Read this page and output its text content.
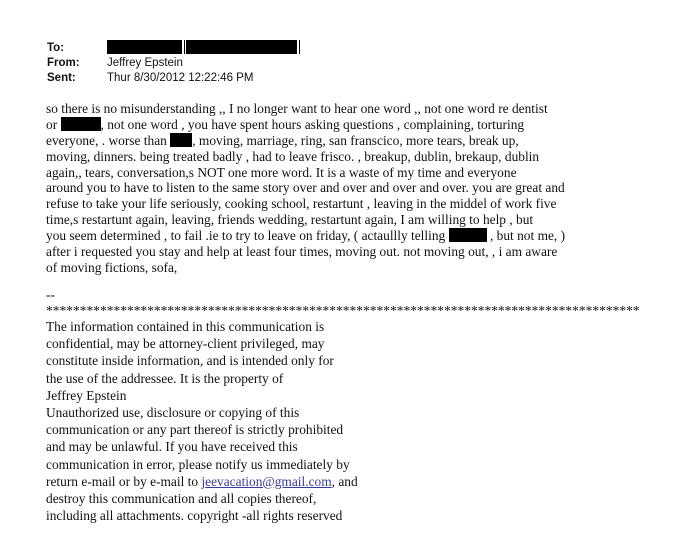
To:
From: Jeffrey Epstein
Sent:	Thur 8/30/2012 12:22:46 PM
so there is no misunderstanding ,, I no longer want to hear one word ,, not one word re dentist
or	, not one word , you have spent hours asking questions , complaining, torturing
everyone, . worse than , moving, marriage, ring, san franscico, more tears, break up,
moving, dinners. being treated badly , had to leave frisco. , breakup, dublin, brekaup, dublin
again,, tears, conversation,s NOT one more word. It is a waste of my time and everyone
around you to have to listen to the same story over and over and over and over. you are great and
refuse to take your life seriously, cooking school, restartunt , leaving in the middel of work five
time,s restartunt again, leaving, friends wedding, restartunt again, I am willing to help , but
you seem determined , to fail .ie to try to leave on friday, ( actaullly telling	, but not me, )
after i requested you stay and help at least four times, moving out. not moving out, , i am aware
of moving fictions, sofa,
--
****************************************************************************************
The information contained in this communication is
confidential, may be attorney-client privileged, may
constitute inside information, and is intended only for
the use of the addressee. It is the property of
Jeffrey Epstein
Unauthorized use, disclosure or copying of this
communication or any part thereof is strictly prohibited
and may be unlawful. If you have received this
communication in error, please notify us immediately by
return e-mail or by e-mail to jeevacation@gmail.com, and
destroy this communication and all copies thereof,
including all attachments. copyright -all rights reserved
